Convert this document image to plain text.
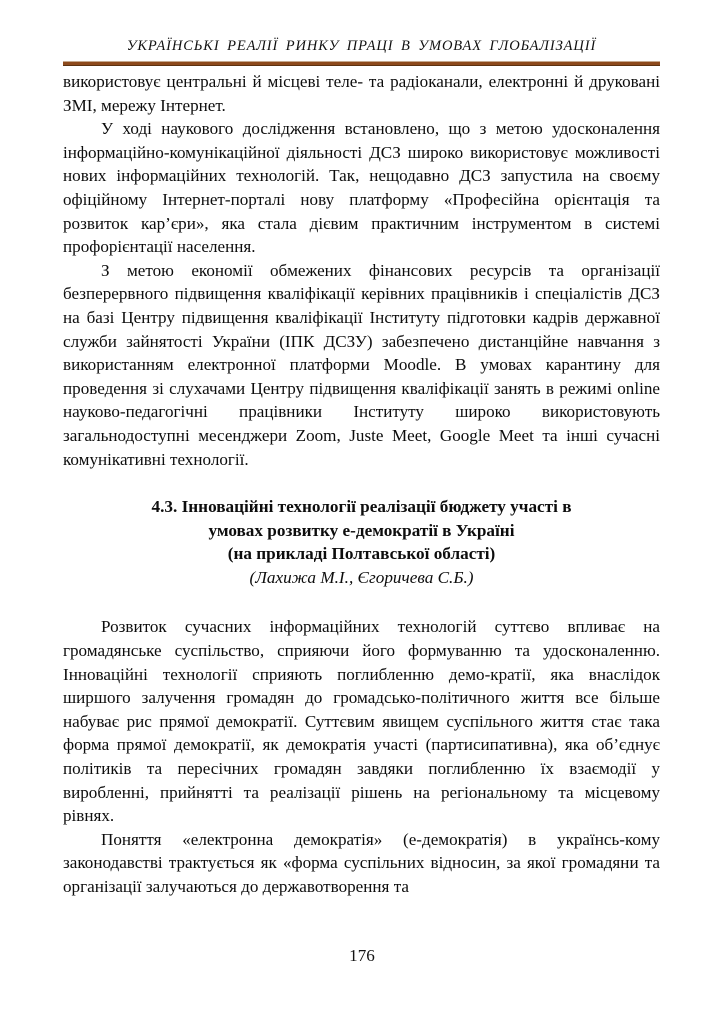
УКРАЇНСЬКІ РЕАЛІЇ РИНКУ ПРАЦІ В УМОВАХ ГЛОБАЛІЗАЦІЇ

використовує центральні й місцеві теле- та радіоканали, електронні й друковані ЗМІ, мережу Інтернет.

У ході наукового дослідження встановлено, що з метою удосконалення інформаційно-комунікаційної діяльності ДСЗ широко використовує можливості нових інформаційних технологій. Так, нещодавно ДСЗ запустила на своєму офіційному Інтернет-порталі нову платформу «Професійна орієнтація та розвиток кар’єри», яка стала дієвим практичним інструментом в системі профорієнтації населення.

З метою економії обмежених фінансових ресурсів та організації безперервного підвищення кваліфікації керівних працівників і спеціалістів ДСЗ на базі Центру підвищення кваліфікації Інституту підготовки кадрів державної служби зайнятості України (ІПК ДСЗУ) забезпечено дистанційне навчання з використанням електронної платформи Moodle. В умовах карантину для проведення зі слухачами Центру підвищення кваліфікації занять в режимі online науково-педагогічні працівники Інституту широко використовують загальнодоступні месенджери Zoom, Juste Meet, Google Meet та інші сучасні комунікативні технології.

4.3. Інноваційні технології реалізації бюджету участі в

умовах розвитку е-демократії в Україні

(на прикладі Полтавської області)

(Лахижа М.І., Єгоричева С.Б.)

Розвиток сучасних інформаційних технологій суттєво впливає на громадянське суспільство, сприяючи його формуванню та удосконаленню. Інноваційні технології сприяють поглибленню демо-кратії, яка внаслідок ширшого залучення громадян до громадсько-політичного життя все більше набуває рис прямої демократії. Суттєвим явищем суспільного життя стає така форма прямої демократії, як демократія участі (партисипативна), яка об’єднує політиків та пересічних громадян завдяки поглибленню їх взаємодії у виробленні, прийнятті та реалізації рішень на регіональному та місцевому рівнях.

Поняття «електронна демократія» (е-демократія) в українсь-кому законодавстві трактується як «форма суспільних відносин, за якої громадяни та організації залучаються до державотворення та

176
